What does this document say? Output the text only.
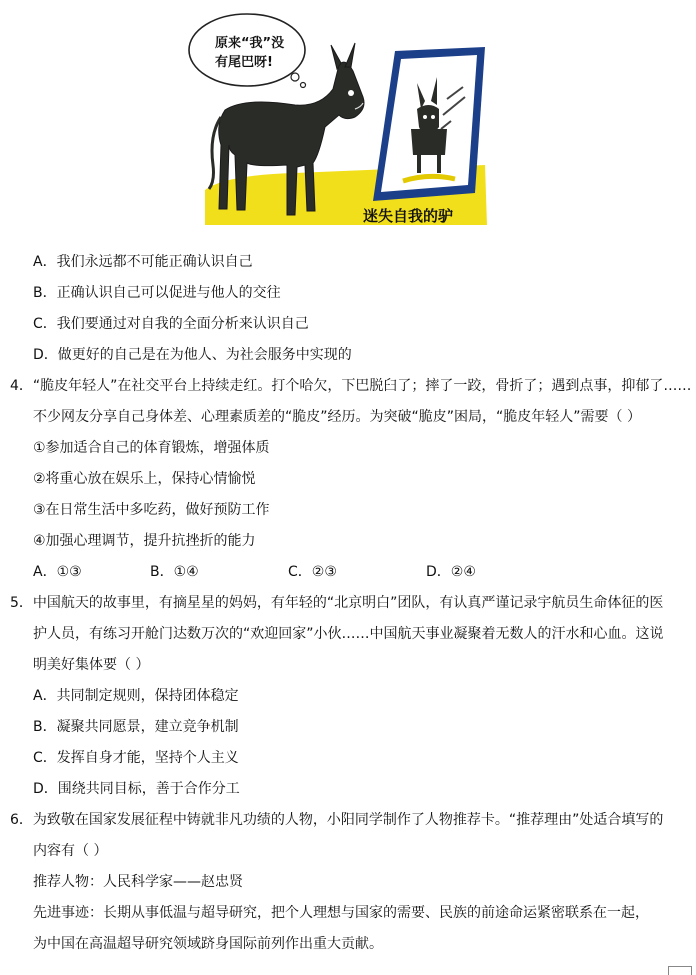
原来“我”没
有尾巴呀!
迷失自我的驴
A．我们永远都不可能正确认识自己
B．正确认识自己可以促进与他人的交往
C．我们要通过对自我的全面分析来认识自己
D．做更好的自己是在为他人、为社会服务中实现的
4．“脆皮年轻人”在社交平台上持续走红。打个哈欠，下巴脱臼了；摔了一跤，骨折了；遇到点事，抑郁了……
不少网友分享自己身体差、心理素质差的“脆皮”经历。为突破“脆皮”困局，“脆皮年轻人”需要（ ）
①参加适合自己的体育锻炼，增强体质
②将重心放在娱乐上，保持心情愉悦
③在日常生活中多吃药，做好预防工作
④加强心理调节，提升抗挫折的能力
A．①③	B．①④	C．②③	D．②④
5．中国航天的故事里，有摘星星的妈妈，有年轻的“北京明白”团队，有认真严谨记录宇航员生命体征的医
护人员，有练习开舱门达数万次的“欢迎回家”小伙……中国航天事业凝聚着无数人的汗水和心血。这说
明美好集体要（ ）
A．共同制定规则，保持团体稳定
B．凝聚共同愿景，建立竞争机制
C．发挥自身才能，坚持个人主义
D．围绕共同目标，善于合作分工
6．为致敬在国家发展征程中铸就非凡功绩的人物，小阳同学制作了人物推荐卡。“推荐理由”处适合填写的
内容有（ ）
推荐人物：人民科学家——赵忠贤
先进事迹：长期从事低温与超导研究，把个人理想与国家的需要、民族的前途命运紧密联系在一起，
为中国在高温超导研究领域跻身国际前列作出重大贡献。
